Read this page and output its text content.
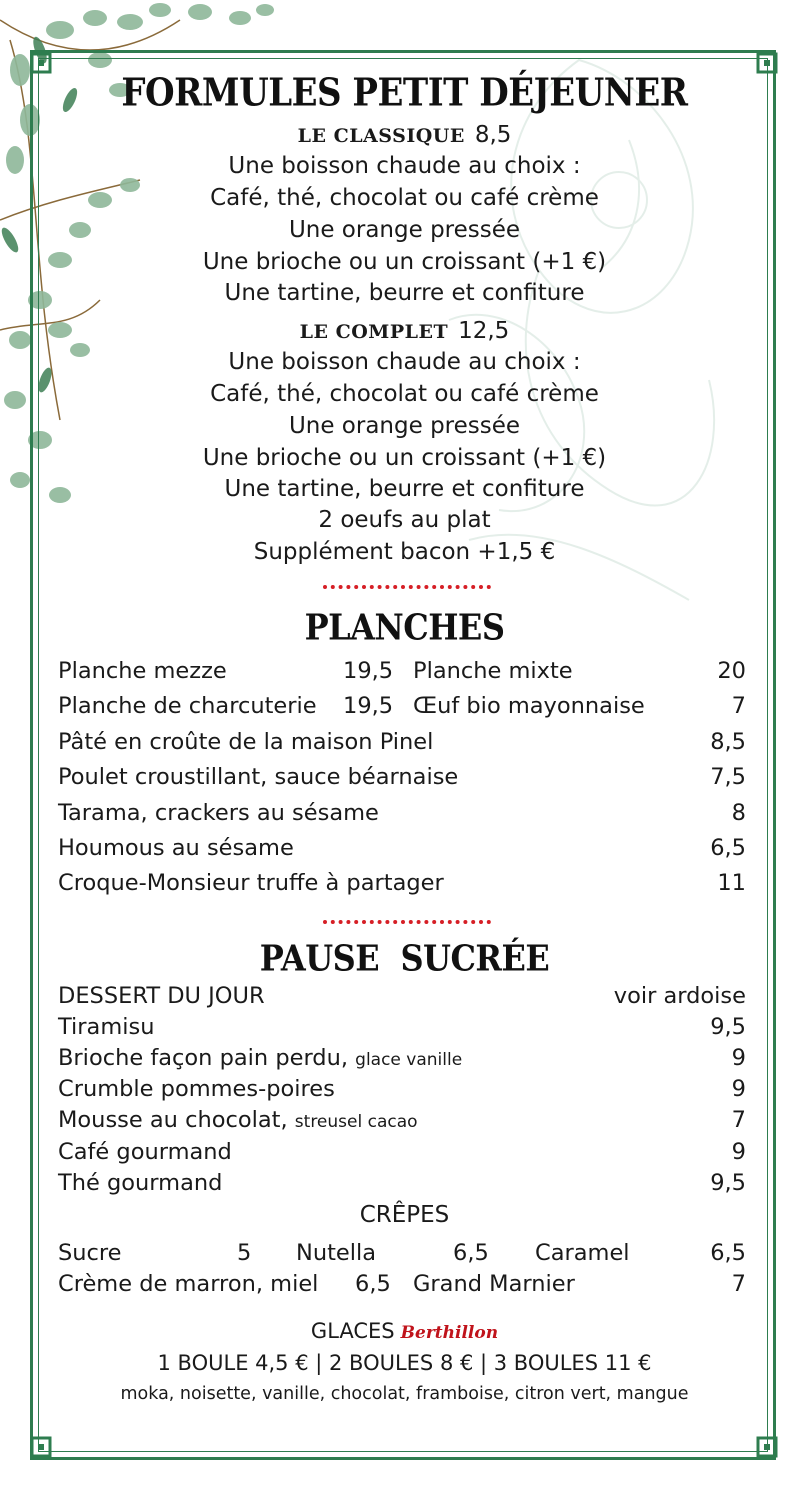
FORMULES PETIT DÉJEUNER
LE CLASSIQUE 8,5
Une boisson chaude au choix :
Café, thé, chocolat ou café crème
Une orange pressée
Une brioche ou un croissant (+1 €)
Une tartine, beurre et confiture
LE COMPLET 12,5
Une boisson chaude au choix :
Café, thé, chocolat ou café crème
Une orange pressée
Une brioche ou un croissant (+1 €)
Une tartine, beurre et confiture
2 oeufs au plat
Supplément bacon +1,5 €
PLANCHES
Planche mezze	19,5 Planche mixte	20
Planche de charcuterie 19,5 Œuf bio mayonnaise	7
Pâté en croûte de la maison Pinel	8,5
Poulet croustillant, sauce béarnaise	7,5
Tarama, crackers au sésame	8
Houmous au sésame	6,5
Croque-Monsieur truffe à partager	11
PAUSE  SUCRÉE
DESSERT DU JOUR	voir ardoise
Tiramisu	9,5
Brioche façon pain perdu, glace vanille	9
Crumble pommes-poires	9
Mousse au chocolat, streusel cacao	7
Café gourmand	9
Thé gourmand	9,5
CRÊPES
Sucre	5 Nutella	6,5 Caramel	6,5
Crème de marron, miel 6,5 Grand Marnier	7
GLACES Berthillon
1 BOULE 4,5 € | 2 BOULES 8 € | 3 BOULES 11 €
moka, noisette, vanille, chocolat, framboise, citron vert, mangue
